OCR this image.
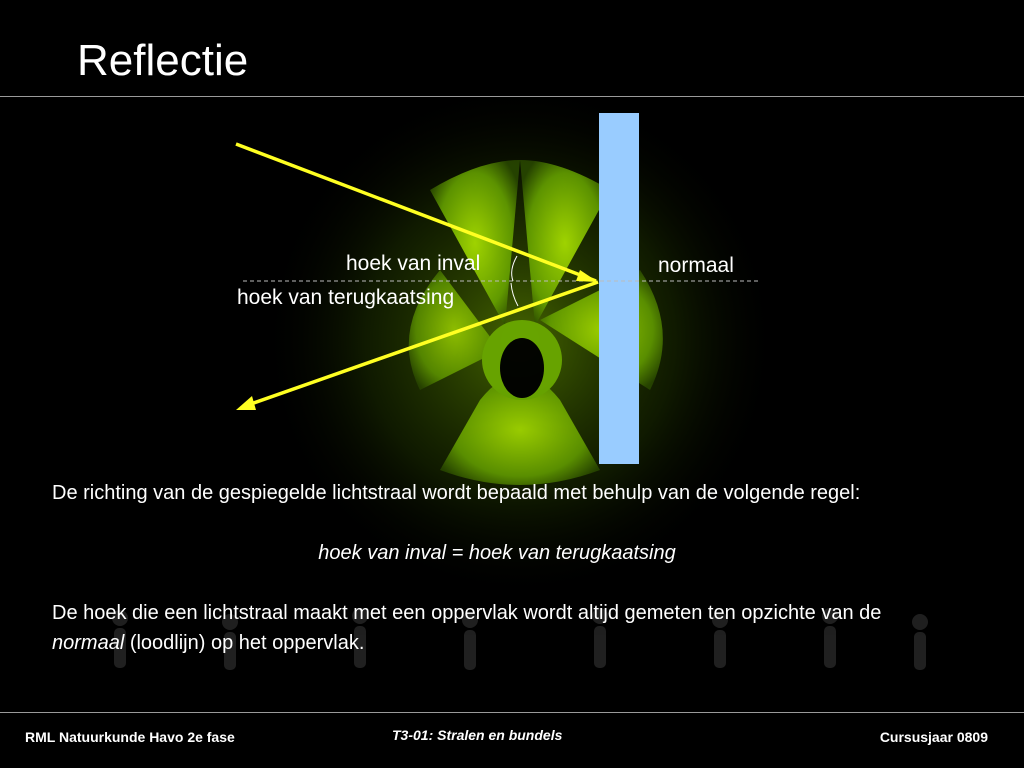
Reflectie
hoek van inval
hoek van terugkaatsing
normaal

De richting van de gespiegelde lichtstraal wordt bepaald met behulp van de volgende regel:

hoek van inval = hoek van terugkaatsing

De hoek die een lichtstraal maakt met een oppervlak wordt altijd gemeten ten opzichte van de normaal (loodlijn) op het oppervlak.

RML Natuurkunde Havo 2e fase	T3-01: Stralen en bundels	Cursusjaar 0809
